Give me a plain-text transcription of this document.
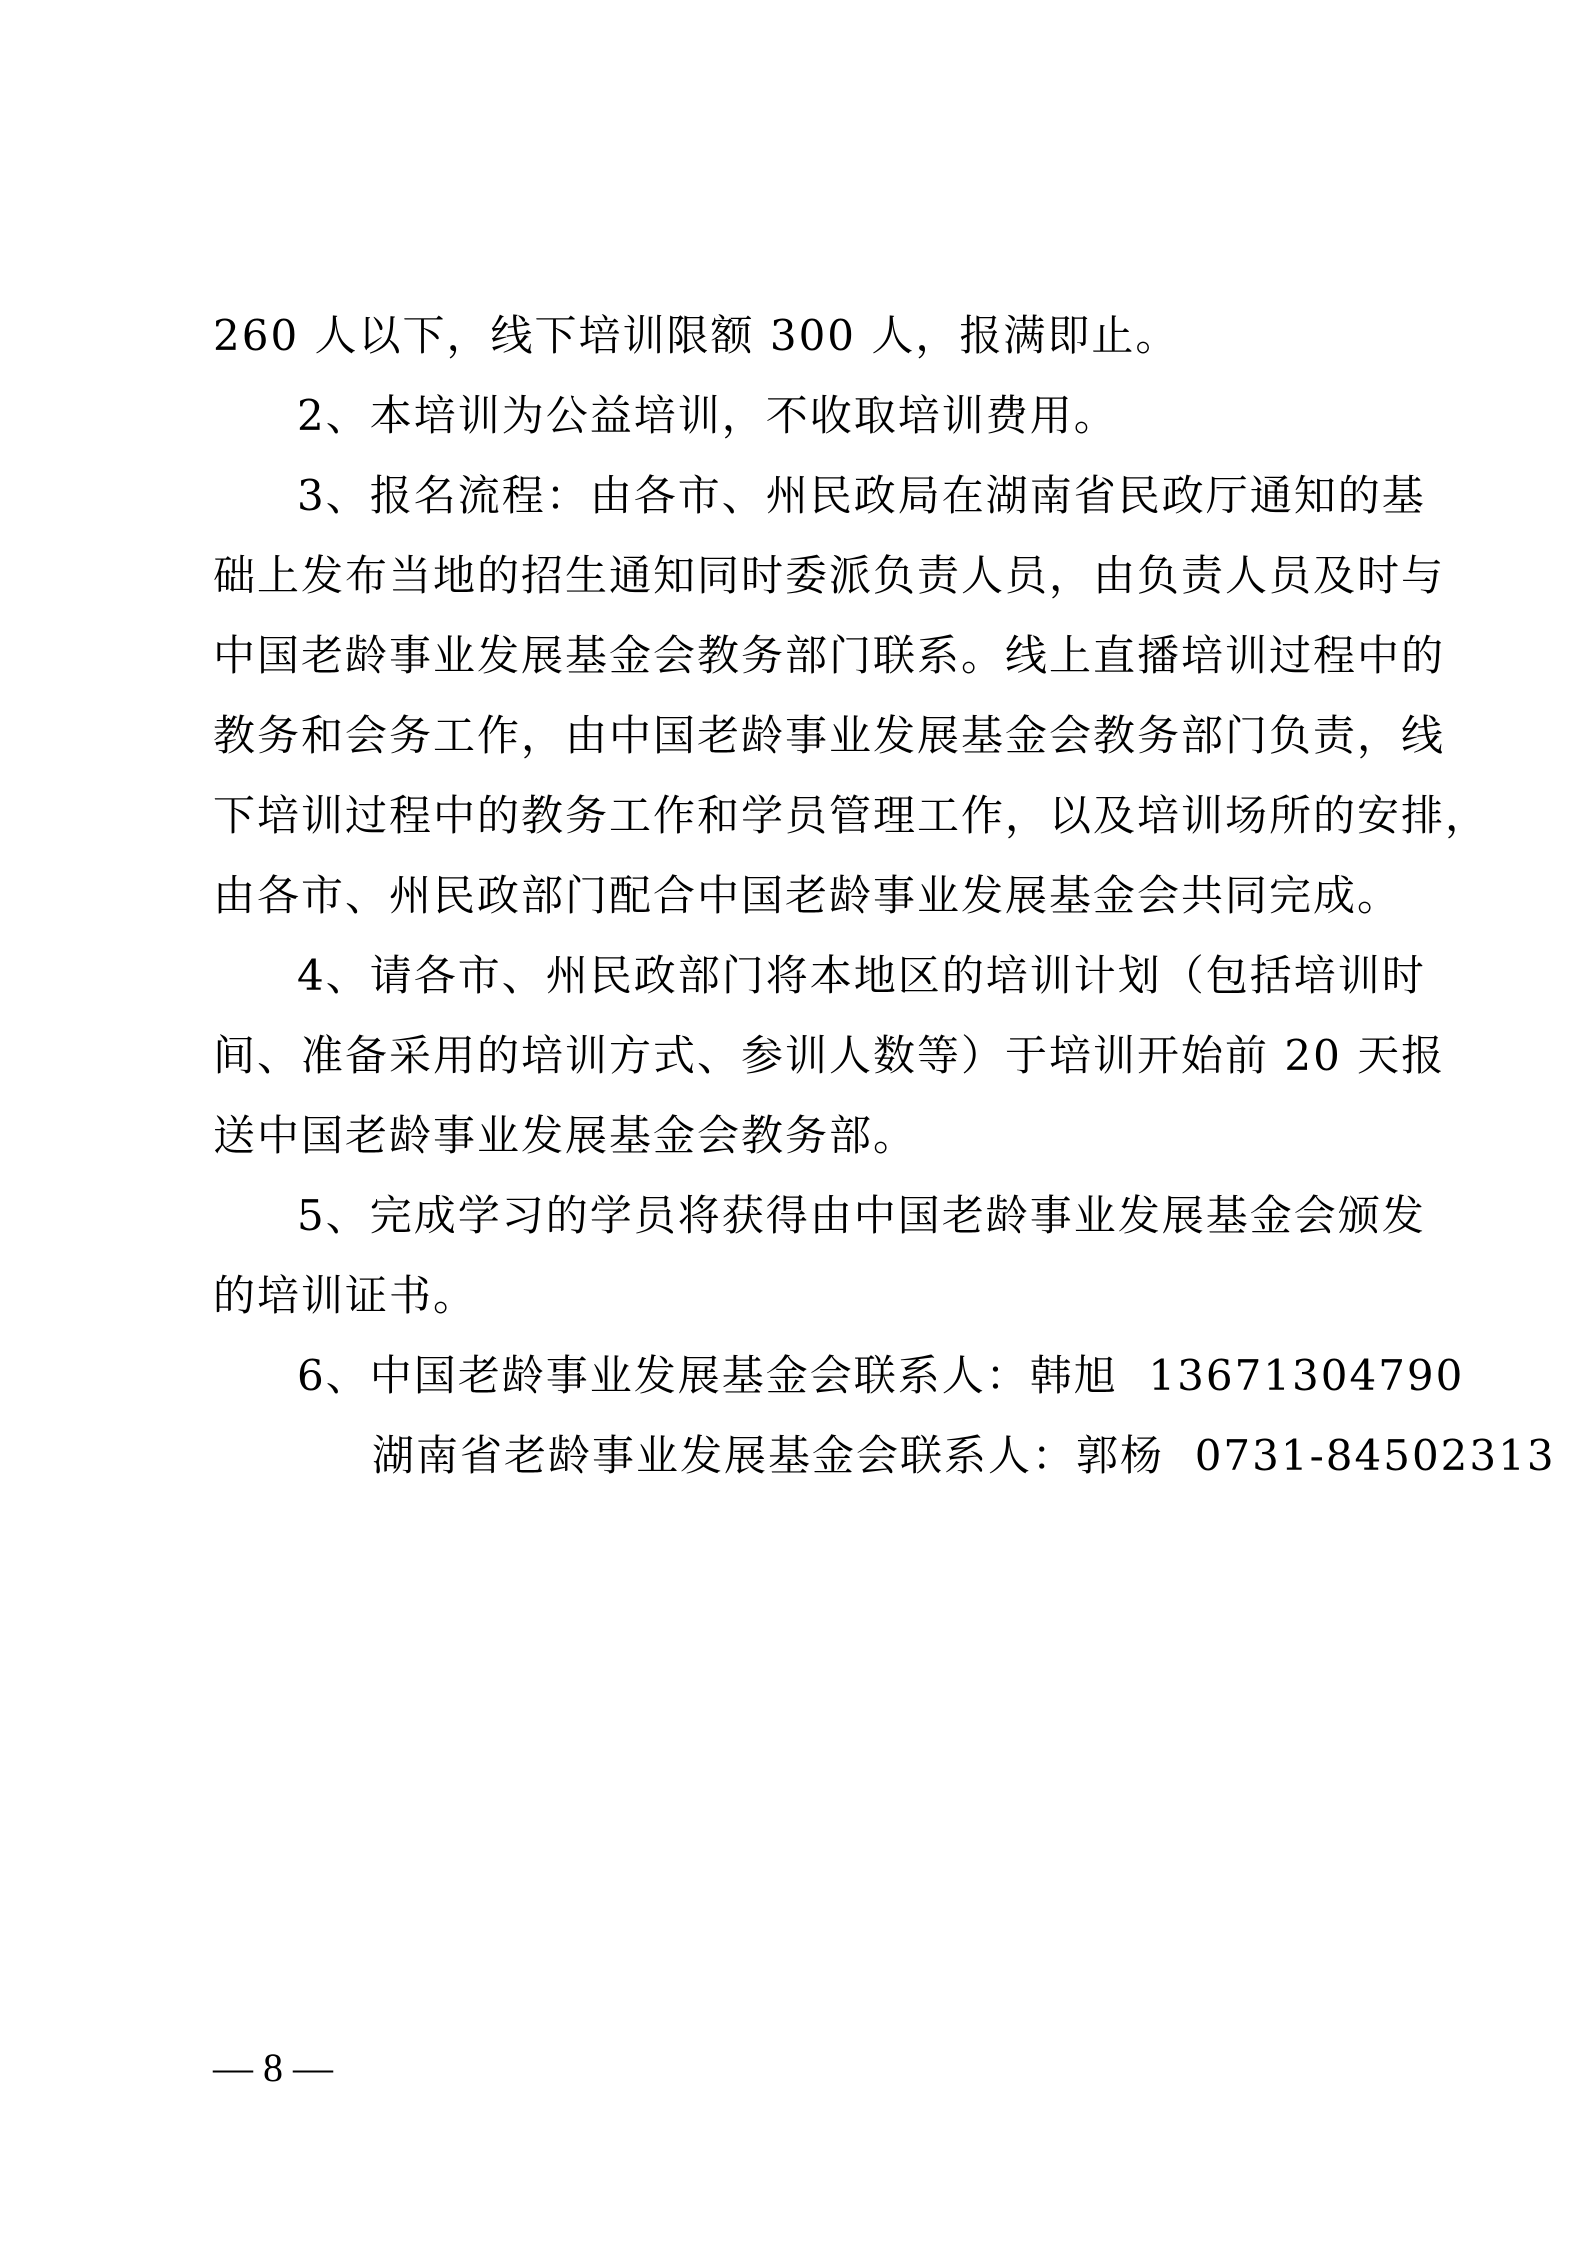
260 人以下，线下培训限额 300 人，报满即止。

2、本培训为公益培训，不收取培训费用。

3、报名流程：由各市、州民政局在湖南省民政厅通知的基

础上发布当地的招生通知同时委派负责人员，由负责人员及时与

中国老龄事业发展基金会教务部门联系。线上直播培训过程中的

教务和会务工作，由中国老龄事业发展基金会教务部门负责，线

下培训过程中的教务工作和学员管理工作，以及培训场所的安排，

由各市、州民政部门配合中国老龄事业发展基金会共同完成。

4、请各市、州民政部门将本地区的培训计划（包括培训时

间、准备采用的培训方式、参训人数等）于培训开始前 20 天报

送中国老龄事业发展基金会教务部。

5、完成学习的学员将获得由中国老龄事业发展基金会颁发

的培训证书。

6、中国老龄事业发展基金会联系人：韩旭  13671304790

湖南省老龄事业发展基金会联系人：郭杨  0731-84502313

— 8 —
